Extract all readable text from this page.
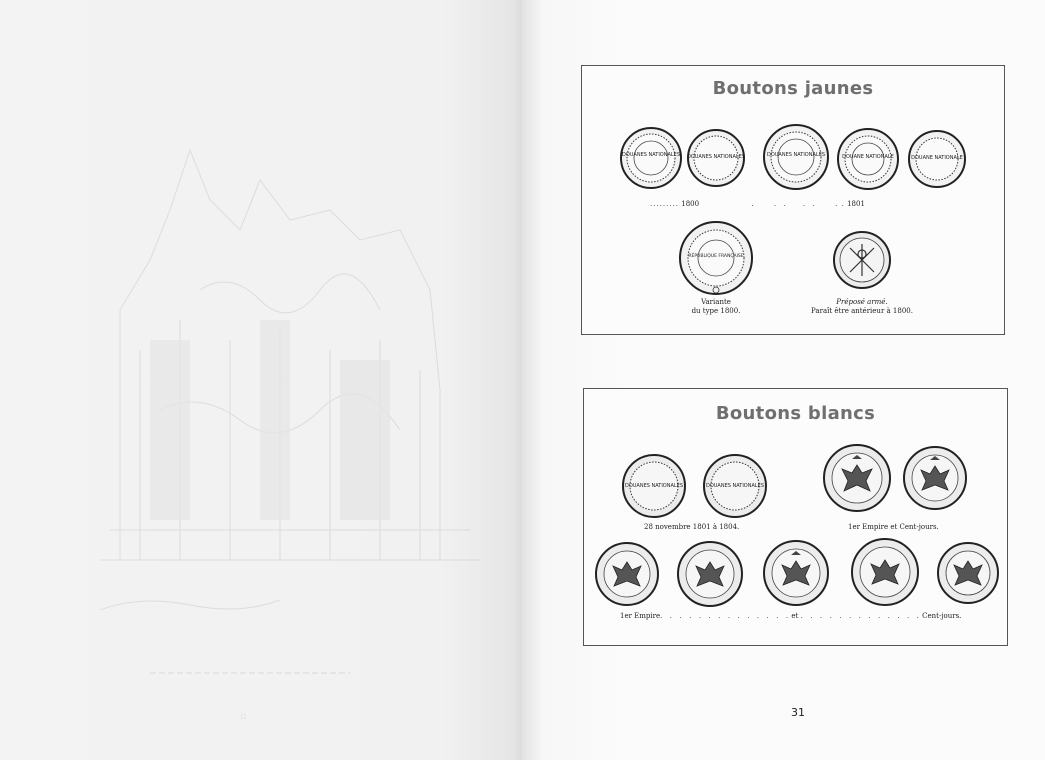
▫
Boutons jaunes
DOUANES NATIONALES DOUANES NATIONALES	DOUANES NATIONALES	DOUANE NATIONALE	DOUANE NATIONALE
......... 1800	.      .  .     .  .      . . 1801
RÉPUBLIQUE FRANÇAISE
Variante
du type 1800.
Préposé armé.
Paraît être antérieur à 1800.
Boutons blancs
DOUANES NATIONALES	DOUANES NATIONALES
28 novembre 1801 à 1804.	1er Empire et Cent-jours.
1er Empire.  .  .  .  .  .  .  .  .  .  .  .  .  . et .  .  .  .  .  .  .  .  .  .  .  .  . Cent-jours.
31
